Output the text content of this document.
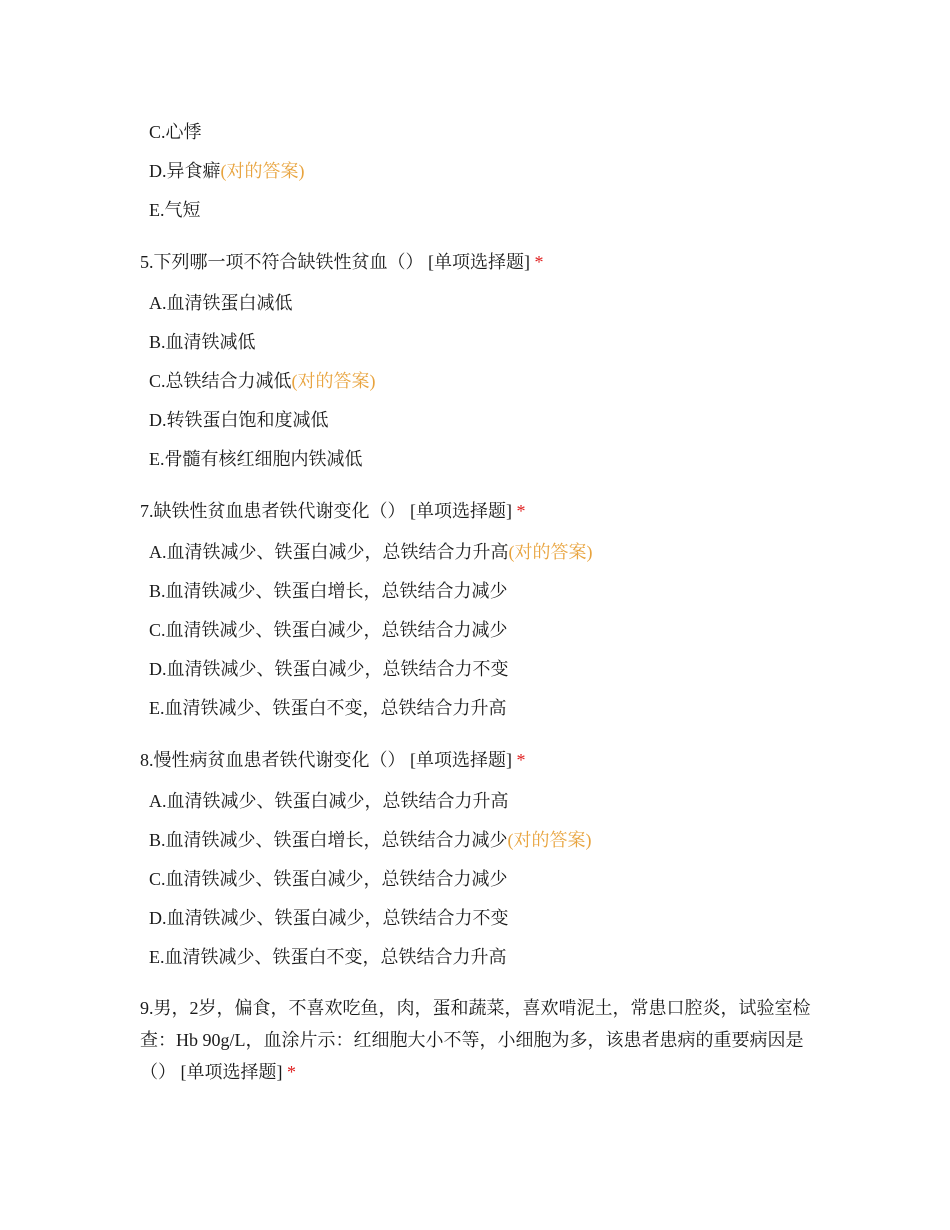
C.心悸
D.异食癖(对的答案)
E.气短
5.下列哪一项不符合缺铁性贫血（） [单项选择题] *
A.血清铁蛋白减低
B.血清铁减低
C.总铁结合力减低(对的答案)
D.转铁蛋白饱和度减低
E.骨髓有核红细胞内铁减低
7.缺铁性贫血患者铁代谢变化（） [单项选择题] *
A.血清铁减少、铁蛋白减少，总铁结合力升高(对的答案)
B.血清铁减少、铁蛋白增长，总铁结合力减少
C.血清铁减少、铁蛋白减少，总铁结合力减少
D.血清铁减少、铁蛋白减少，总铁结合力不变
E.血清铁减少、铁蛋白不变，总铁结合力升高
8.慢性病贫血患者铁代谢变化（） [单项选择题] *
A.血清铁减少、铁蛋白减少，总铁结合力升高
B.血清铁减少、铁蛋白增长，总铁结合力减少(对的答案)
C.血清铁减少、铁蛋白减少，总铁结合力减少
D.血清铁减少、铁蛋白减少，总铁结合力不变
E.血清铁减少、铁蛋白不变，总铁结合力升高
9.男，2岁，偏食，不喜欢吃鱼，肉，蛋和蔬菜，喜欢啃泥土，常患口腔炎，试验室检查：Hb 90g/L，血涂片示：红细胞大小不等，小细胞为多，该患者患病的重要病因是（） [单项选择题] *
